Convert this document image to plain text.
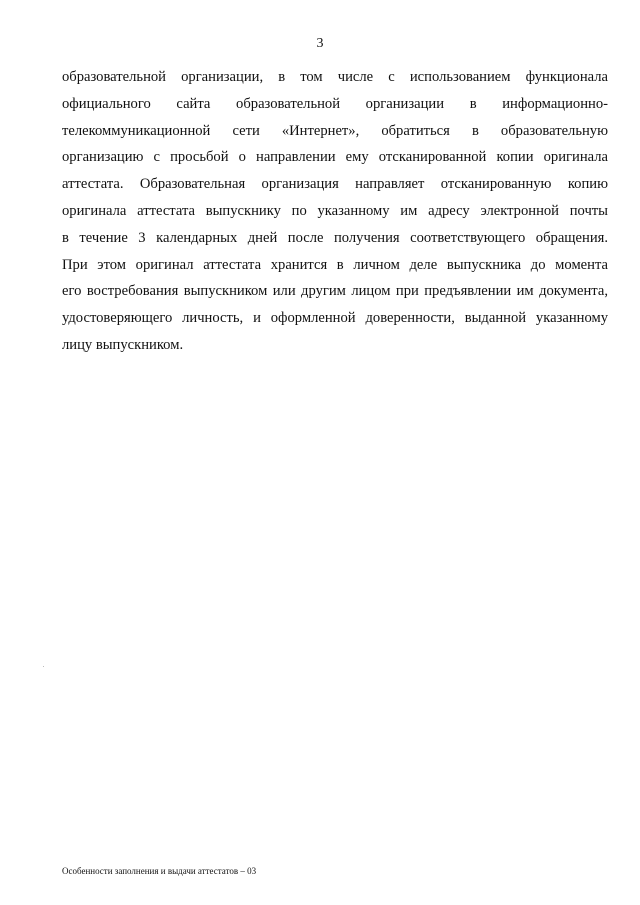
3
образовательной организации, в том числе с использованием функционала
официального сайта образовательной организации в информационно-
телекоммуникационной сети «Интернет», обратиться в образовательную
организацию с просьбой о направлении ему отсканированной копии оригинала
аттестата. Образовательная организация направляет отсканированную копию
оригинала аттестата выпускнику по указанному им адресу электронной почты
в течение 3 календарных дней после получения соответствующего обращения.
При этом оригинал аттестата хранится в личном деле выпускника до момента
его востребования выпускником или другим лицом при предъявлении им документа,
удостоверяющего личность, и оформленной доверенности, выданной указанному
лицу выпускником.
Особенности заполнения и выдачи аттестатов – 03
